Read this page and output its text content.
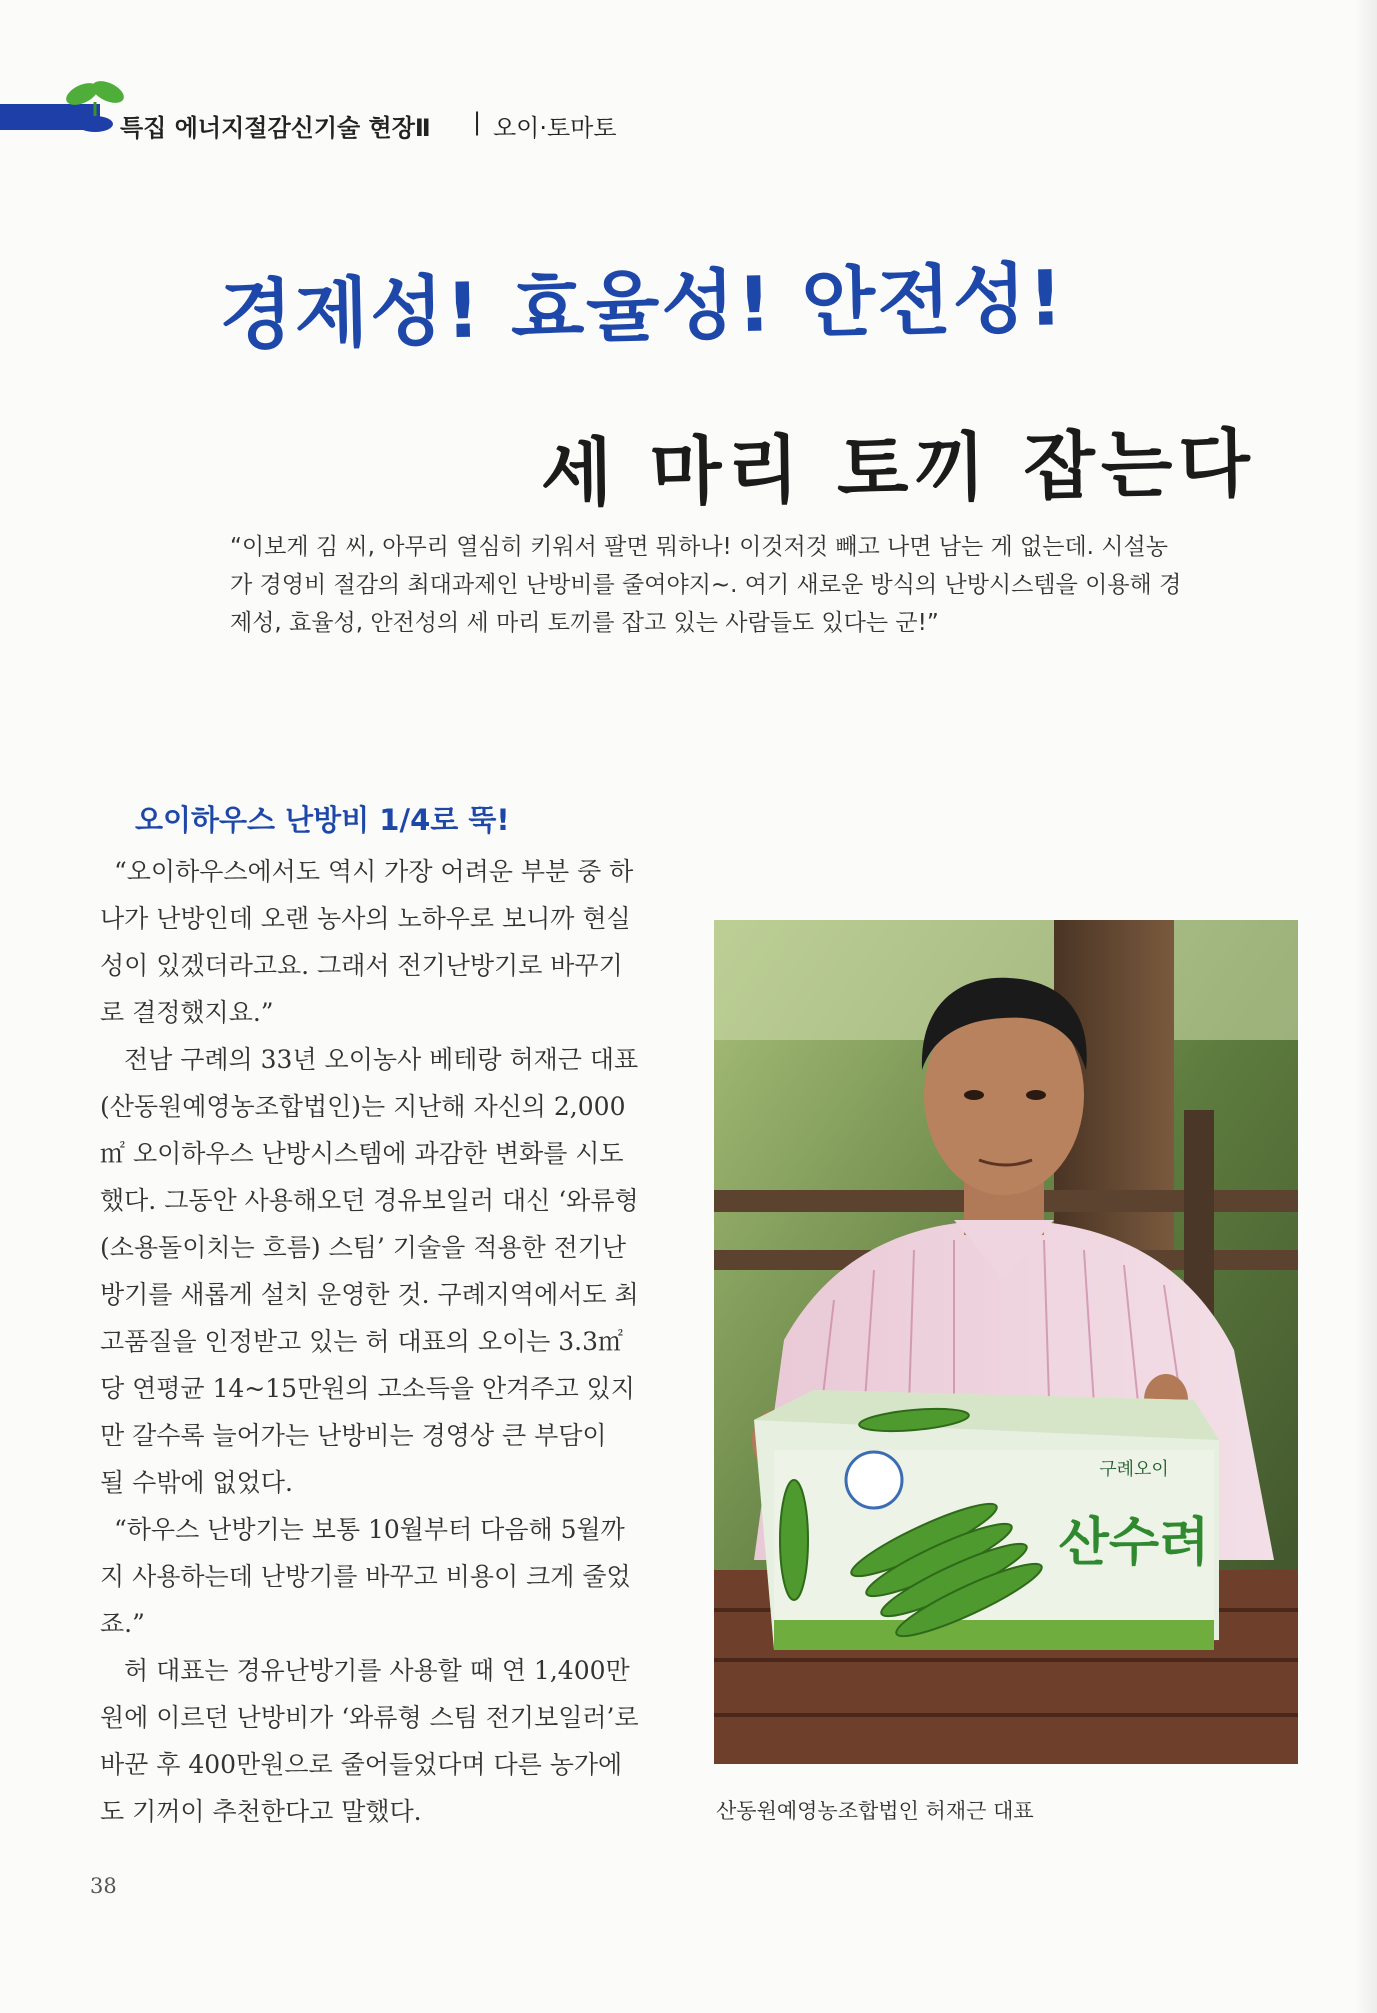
특집 에너지절감신기술 현장Ⅱ | 오이·토마토
경제성! 효율성! 안전성!
세 마리 토끼 잡는다

“이보게 김 씨, 아무리 열심히 키워서 팔면 뭐하나! 이것저것 빼고 나면 남는 게 없는데. 시설농

가 경영비 절감의 최대과제인 난방비를 줄여야지~. 여기 새로운 방식의 난방시스템을 이용해 경

제성, 효율성, 안전성의 세 마리 토끼를 잡고 있는 사람들도 있다는 군!”

오이하우스 난방비 1/4로 뚝!

“오이하우스에서도 역시 가장 어려운 부분 중 하

나가 난방인데 오랜 농사의 노하우로 보니까 현실

성이 있겠더라고요. 그래서 전기난방기로 바꾸기

로 결정했지요.”

전남 구례의 33년 오이농사 베테랑 허재근 대표

(산동원예영농조합법인)는 지난해 자신의 2,000

㎡ 오이하우스 난방시스템에 과감한 변화를 시도

했다. 그동안 사용해오던 경유보일러 대신 ‘와류형

(소용돌이치는 흐름) 스팀’ 기술을 적용한 전기난

방기를 새롭게 설치 운영한 것. 구례지역에서도 최

고품질을 인정받고 있는 허 대표의 오이는 3.3㎡

당 연평균 14~15만원의 고소득을 안겨주고 있지

만 갈수록 늘어가는 난방비는 경영상 큰 부담이

될 수밖에 없었다.

“하우스 난방기는 보통 10월부터 다음해 5월까

지 사용하는데 난방기를 바꾸고 비용이 크게 줄었

죠.”

허 대표는 경유난방기를 사용할 때 연 1,400만

원에 이르던 난방비가 ‘와류형 스팀 전기보일러’로

바꾼 후 400만원으로 줄어들었다며 다른 농가에

도 기꺼이 추천한다고 말했다.

구례오이
산수려
산동원예영농조합법인 허재근 대표
38
